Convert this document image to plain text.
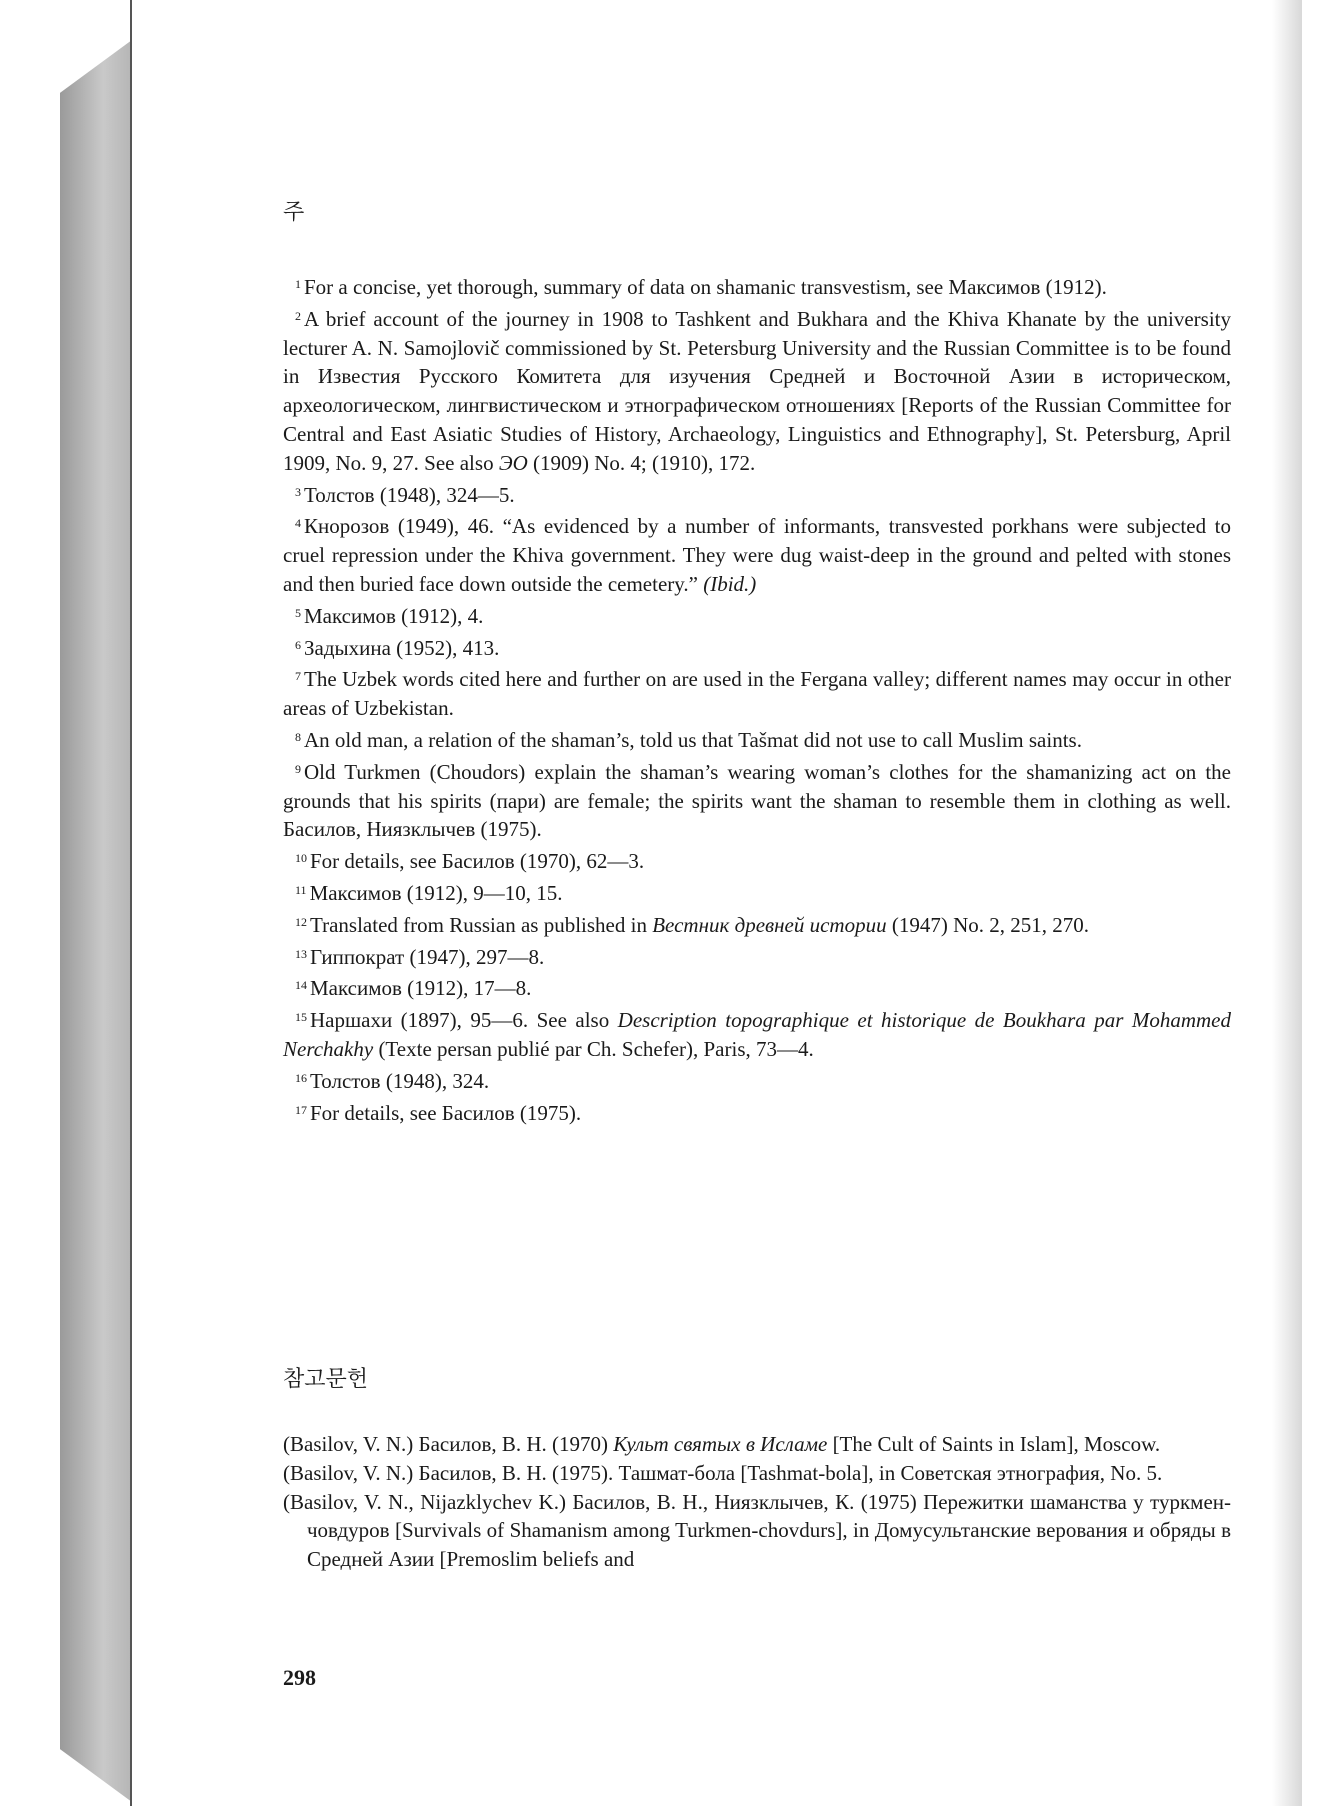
주

$^1$ For a concise, yet thorough, summary of data on shamanic transvestism, see Максимов (1912).

$^2$ A brief account of the journey in 1908 to Tashkent and Bukhara and the Khiva Khanate by the university lecturer A. N. Samojlovič commissioned by St. Petersburg University and the Russian Committee is to be found in Известия Русского Комитета для изучения Средней и Восточной Азии в историческом, археологическом, лингвистическом и этнографическом отношениях [Reports of the Russian Committee for Central and East Asiatic Studies of History, Archaeology, Linguistics and Ethnography], St. Petersburg, April 1909, No. 9, 27. See also ЭО (1909) No. 4; (1910), 172.

$^3$ Толстов (1948), 324—5.

$^4$ Кнорозов (1949), 46. “As evidenced by a number of informants, transvested porkhans were subjected to cruel repression under the Khiva government. They were dug waist-deep in the ground and pelted with stones and then buried face down outside the cemetery.” (Ibid.)

$^5$ Максимов (1912), 4.

$^6$ Задыхина (1952), 413.

$^7$ The Uzbek words cited here and further on are used in the Fergana valley; different names may occur in other areas of Uzbekistan.

$^8$ An old man, a relation of the shaman’s, told us that Tašmat did not use to call Muslim saints.

$^9$ Old Turkmen (Choudors) explain the shaman’s wearing woman’s clothes for the shamanizing act on the grounds that his spirits (пари) are female; the spirits want the shaman to resemble them in clothing as well. Басилов, Ниязклычев (1975).

$^{10}$ For details, see Басилов (1970), 62—3.

$^{11}$ Максимов (1912), 9—10, 15.

$^{12}$ Translated from Russian as published in Вестник древней истории (1947) No. 2, 251, 270.

$^{13}$ Гиппократ (1947), 297—8.

$^{14}$ Максимов (1912), 17—8.

$^{15}$ Наршахи (1897), 95—6. See also Description topographique et historique de Boukhara par Mohammed Nerchakhy (Texte persan publié par Ch. Schefer), Paris, 73—4.

$^{16}$ Толстов (1948), 324.

$^{17}$ For details, see Басилов (1975).

참고문헌

(Basilov, V. N.) Басилов, В. Н. (1970) Культ святых в Исламе [The Cult of Saints in Islam], Moscow.

(Basilov, V. N.) Басилов, В. Н. (1975). Ташмат-бола [Tashmat-bola], in Советская этнография, No. 5.

(Basilov, V. N., Nijazklychev K.) Басилов, В. Н., Ниязклычев, К. (1975) Пережитки шаманства у туркмен-човдуров [Survivals of Shamanism among Turkmen-chovdurs], in Домусультанские верования и обряды в Средней Азии [Premoslim beliefs and

298
